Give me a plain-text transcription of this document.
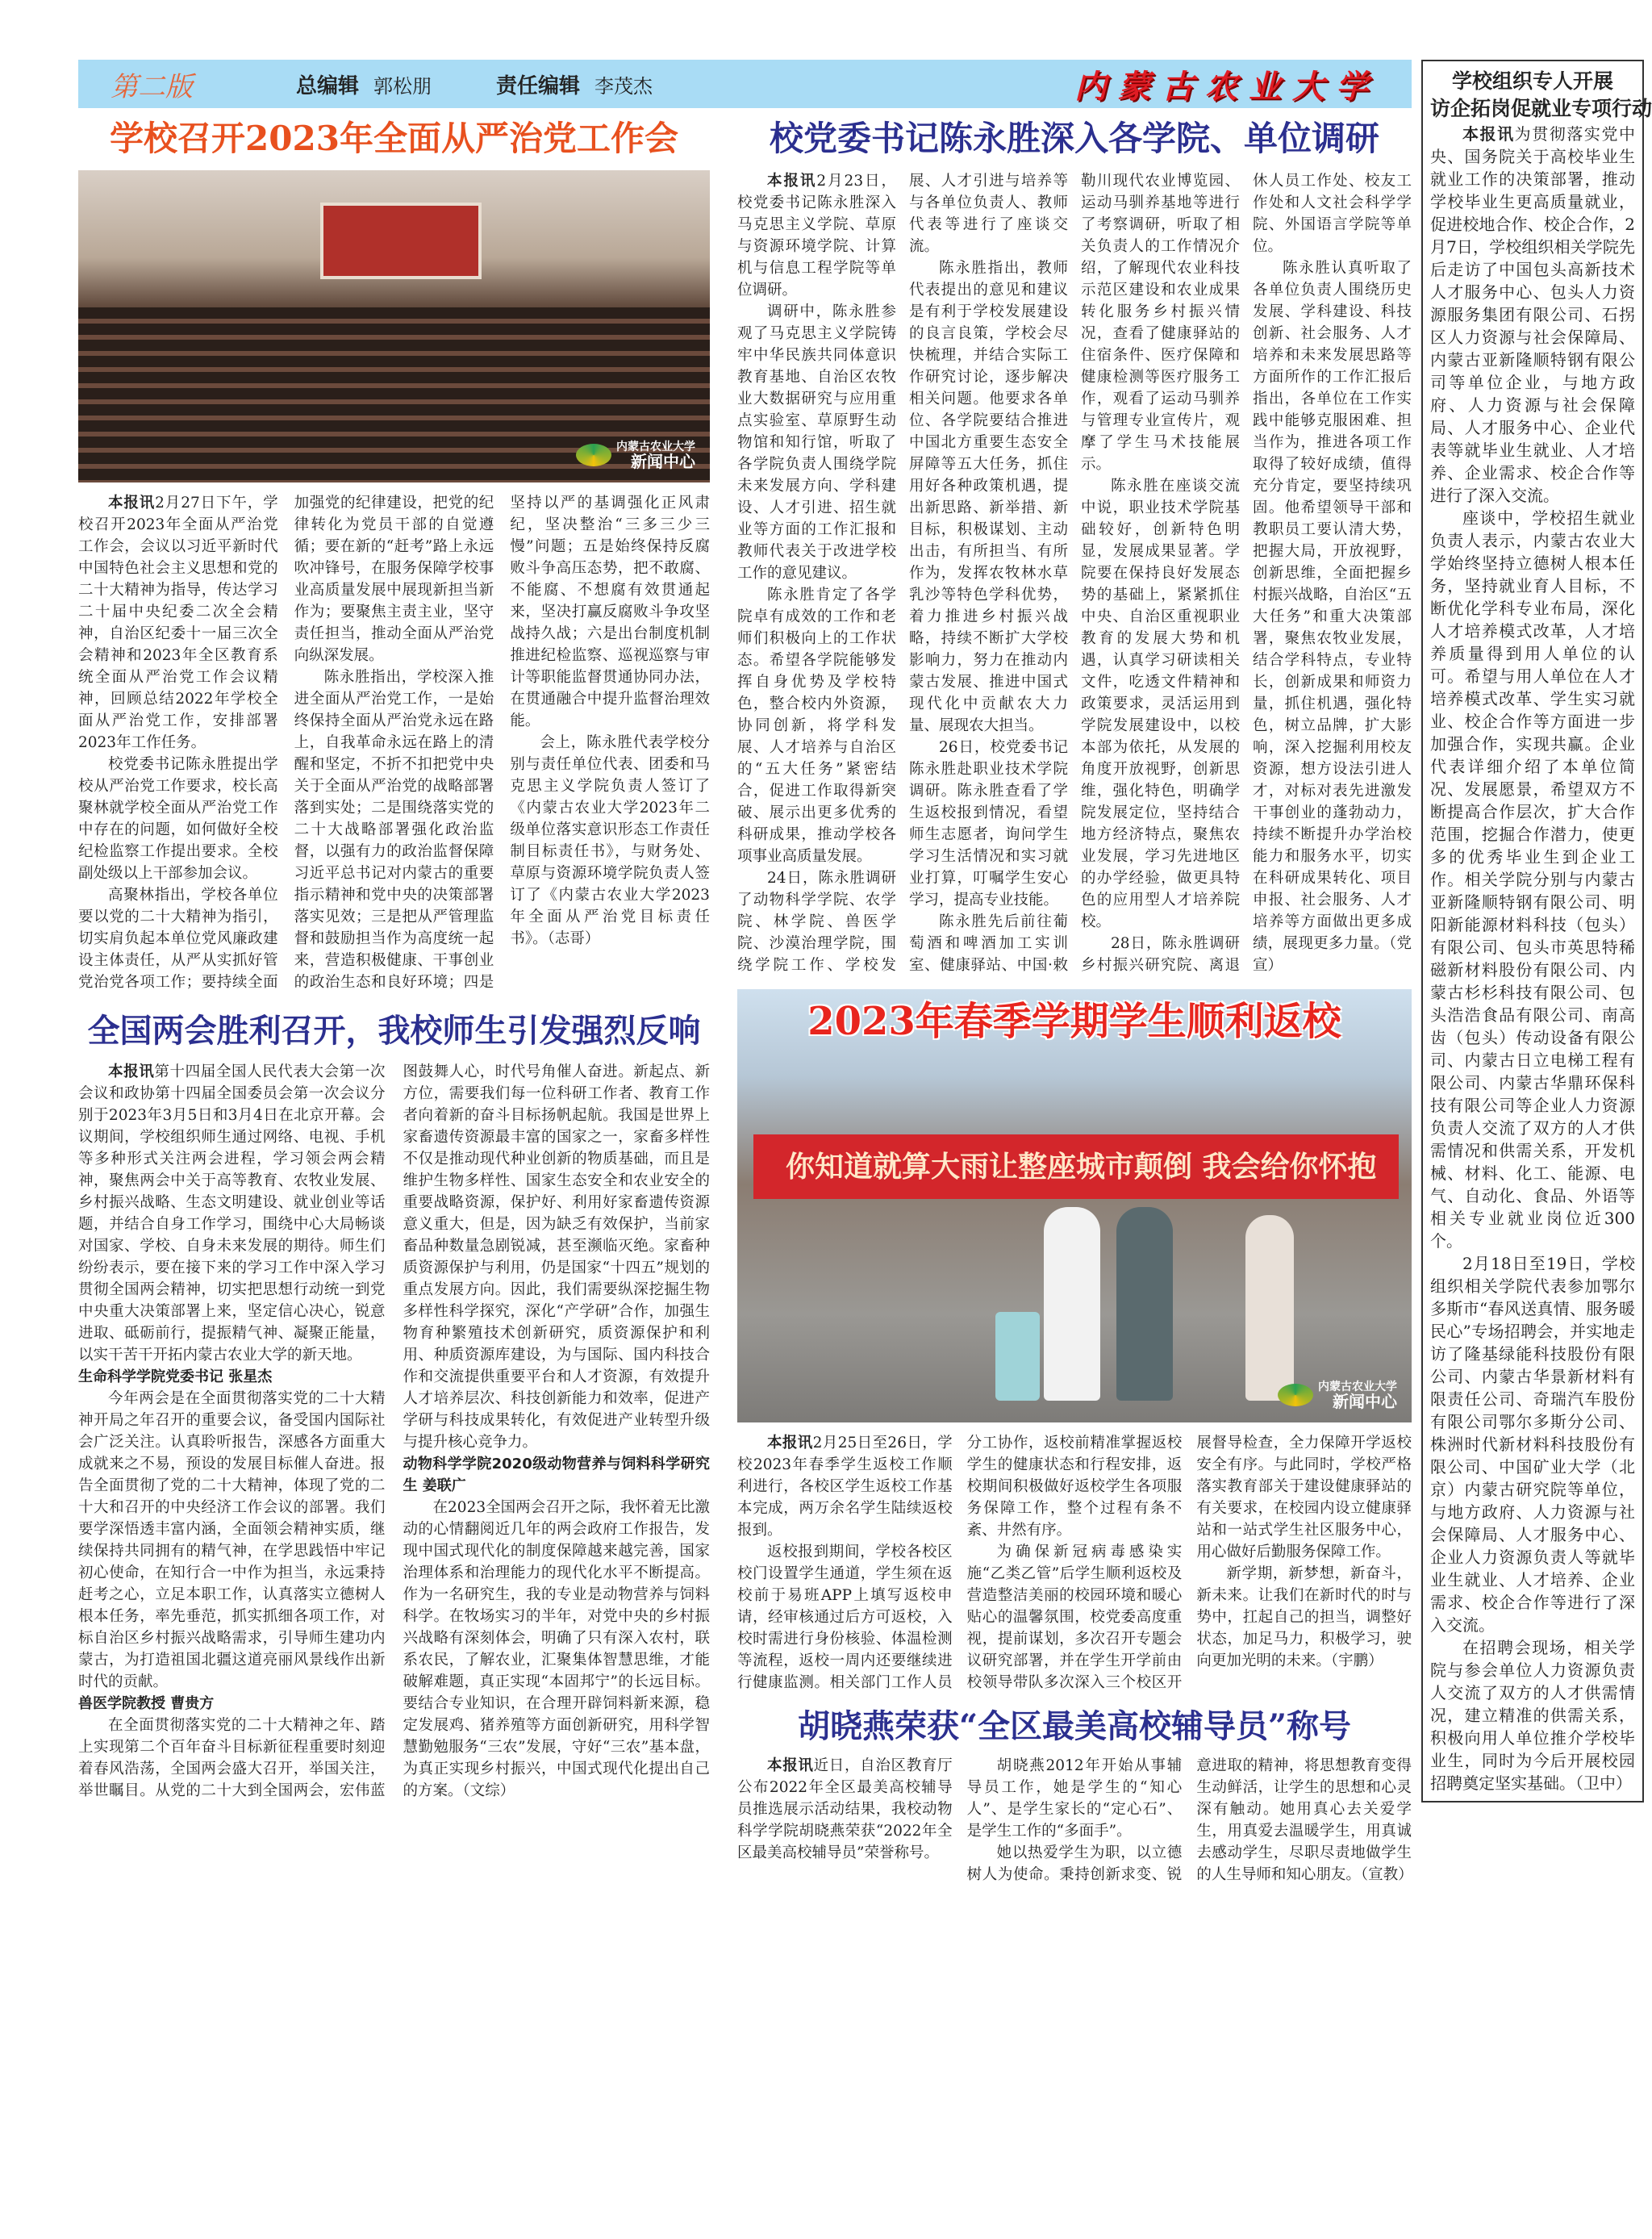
第二版	总编辑 郭松朋	责任编辑 李茂杰	内蒙古农业大学
学校召开2023年全面从严治党工作会
内蒙古农业大学
新闻中心

本报讯2月27日下午，学校召开2023年全面从严治党工作会，会议以习近平新时代中国特色社会主义思想和党的二十大精神为指导，传达学习二十届中央纪委二次全会精神，自治区纪委十一届三次全会精神和2023年全区教育系统全面从严治党工作会议精神，回顾总结2022年学校全面从严治党工作，安排部署2023年工作任务。

校党委书记陈永胜提出学校从严治党工作要求，校长高聚林就学校全面从严治党工作中存在的问题，如何做好全校纪检监察工作提出要求。全校副处级以上干部参加会议。

高聚林指出，学校各单位要以党的二十大精神为指引，切实肩负起本单位党风廉政建设主体责任，从严从实抓好管党治党各项工作；要持续全面加强党的纪律建设，把党的纪律转化为党员干部的自觉遵循；要在新的“赶考”路上永远吹冲锋号，在服务保障学校事业高质量发展中展现新担当新作为；要聚焦主责主业，坚守责任担当，推动全面从严治党向纵深发展。

陈永胜指出，学校深入推进全面从严治党工作，一是始终保持全面从严治党永远在路上，自我革命永远在路上的清醒和坚定，不折不扣把党中央关于全面从严治党的战略部署落到实处；二是围绕落实党的二十大战略部署强化政治监督，以强有力的政治监督保障习近平总书记对内蒙古的重要指示精神和党中央的决策部署落实见效；三是把从严管理监督和鼓励担当作为高度统一起来，营造积极健康、干事创业的政治生态和良好环境；四是坚持以严的基调强化正风肃纪，坚决整治“三多三少三慢”问题；五是始终保持反腐败斗争高压态势，把不敢腐、不能腐、不想腐有效贯通起来，坚决打赢反腐败斗争攻坚战持久战；六是出台制度机制推进纪检监察、巡视巡察与审计等职能监督贯通协同办法，在贯通融合中提升监督治理效能。

会上，陈永胜代表学校分别与责任单位代表、团委和马克思主义学院负责人签订了《内蒙古农业大学2023年二级单位落实意识形态工作责任制目标责任书》，与财务处、草原与资源环境学院负责人签订了《内蒙古农业大学2023年全面从严治党目标责任书》。（志哥）

全国两会胜利召开，我校师生引发强烈反响

本报讯第十四届全国人民代表大会第一次会议和政协第十四届全国委员会第一次会议分别于2023年3月5日和3月4日在北京开幕。会议期间，学校组织师生通过网络、电视、手机等多种形式关注两会进程，学习领会两会精神，聚焦两会中关于高等教育、农牧业发展、乡村振兴战略、生态文明建设、就业创业等话题，并结合自身工作学习，围绕中心大局畅谈对国家、学校、自身未来发展的期待。师生们纷纷表示，要在接下来的学习工作中深入学习贯彻全国两会精神，切实把思想行动统一到党中央重大决策部署上来，坚定信心决心，锐意进取、砥砺前行，提振精气神、凝聚正能量，以实干苦干开拓内蒙古农业大学的新天地。

生命科学学院党委书记 张星杰

今年两会是在全面贯彻落实党的二十大精神开局之年召开的重要会议，备受国内国际社会广泛关注。认真聆听报告，深感各方面重大成就来之不易，预设的发展目标催人奋进。报告全面贯彻了党的二十大精神，体现了党的二十大和召开的中央经济工作会议的部署。我们要学深悟透丰富内涵，全面领会精神实质，继续保持共同拥有的精气神，在学思践悟中牢记初心使命，在知行合一中作为担当，永远秉持赶考之心，立足本职工作，认真落实立德树人根本任务，率先垂范，抓实抓细各项工作，对标自治区乡村振兴战略需求，引导师生建功内蒙古，为打造祖国北疆这道亮丽风景线作出新时代的贡献。

兽医学院教授 曹贵方

在全面贯彻落实党的二十大精神之年、踏上实现第二个百年奋斗目标新征程重要时刻迎着春风浩荡，全国两会盛大召开，举国关注，举世瞩目。从党的二十大到全国两会，宏伟蓝图鼓舞人心，时代号角催人奋进。新起点、新方位，需要我们每一位科研工作者、教育工作者向着新的奋斗目标扬帆起航。我国是世界上家畜遗传资源最丰富的国家之一，家畜多样性不仅是推动现代种业创新的物质基础，而且是维护生物多样性、国家生态安全和农业安全的重要战略资源，保护好、利用好家畜遗传资源意义重大，但是，因为缺乏有效保护，当前家畜品种数量急剧锐减，甚至濒临灭绝。家畜种质资源保护与利用，仍是国家“十四五”规划的重点发展方向。因此，我们需要纵深挖掘生物多样性科学探究，深化“产学研”合作，加强生物育种繁殖技术创新研究，质资源保护和利用、种质资源库建设，为与国际、国内科技合作和交流提供重要平台和人才资源，有效提升人才培养层次、科技创新能力和效率，促进产学研与科技成果转化，有效促进产业转型升级与提升核心竞争力。

动物科学学院2020级动物营养与饲料科学研究生 姜联广

在2023全国两会召开之际，我怀着无比激动的心情翻阅近几年的两会政府工作报告，发现中国式现代化的制度保障越来越完善，国家治理体系和治理能力的现代化水平不断提高。作为一名研究生，我的专业是动物营养与饲料科学。在牧场实习的半年，对党中央的乡村振兴战略有深刻体会，明确了只有深入农村，联系农民，了解农业，汇聚集体智慧思维，才能破解难题，真正实现“本固邦宁”的长远目标。要结合专业知识，在合理开辟饲料新来源，稳定发展鸡、猪养殖等方面创新研究，用科学智慧勤勉服务“三农”发展，守好“三农”基本盘，为真正实现乡村振兴，中国式现代化提出自己的方案。（文综）

校党委书记陈永胜深入各学院、单位调研

本报讯2月23日，校党委书记陈永胜深入马克思主义学院、草原与资源环境学院、计算机与信息工程学院等单位调研。

调研中，陈永胜参观了马克思主义学院铸牢中华民族共同体意识教育基地、自治区农牧业大数据研究与应用重点实验室、草原野生动物馆和知行馆，听取了各学院负责人围绕学院未来发展方向、学科建设、人才引进、招生就业等方面的工作汇报和教师代表关于改进学校工作的意见建议。

陈永胜肯定了各学院卓有成效的工作和老师们积极向上的工作状态。希望各学院能够发挥自身优势及学校特色，整合校内外资源，协同创新，将学科发展、人才培养与自治区的“五大任务”紧密结合，促进工作取得新突破、展示出更多优秀的科研成果，推动学校各项事业高质量发展。

24日，陈永胜调研了动物科学学院、农学院、林学院、兽医学院、沙漠治理学院，围绕学院工作、学校发展、人才引进与培养等与各单位负责人、教师代表等进行了座谈交流。

陈永胜指出，教师代表提出的意见和建议是有利于学校发展建设的良言良策，学校会尽快梳理，并结合实际工作研究讨论，逐步解决相关问题。他要求各单位、各学院要结合推进中国北方重要生态安全屏障等五大任务，抓住用好各种政策机遇，提出新思路、新举措、新目标，积极谋划、主动出击，有所担当、有所作为，发挥农牧林水草乳沙等特色学科优势，着力推进乡村振兴战略，持续不断扩大学校影响力，努力在推动内蒙古发展、推进中国式现代化中贡献农大力量、展现农大担当。

26日，校党委书记陈永胜赴职业技术学院调研。陈永胜查看了学生返校报到情况，看望师生志愿者，询问学生学习生活情况和实习就业打算，叮嘱学生安心学习，提高专业技能。

陈永胜先后前往葡萄酒和啤酒加工实训室、健康驿站、中国·敕勒川现代农业博览园、运动马驯养基地等进行了考察调研，听取了相关负责人的工作情况介绍，了解现代农业科技示范区建设和农业成果转化服务乡村振兴情况，查看了健康驿站的住宿条件、医疗保障和健康检测等医疗服务工作，观看了运动马驯养与管理专业宣传片，观摩了学生马术技能展示。

陈永胜在座谈交流中说，职业技术学院基础较好，创新特色明显，发展成果显著。学院要在保持良好发展态势的基础上，紧紧抓住中央、自治区重视职业教育的发展大势和机遇，认真学习研读相关文件，吃透文件精神和政策要求，灵活运用到学院发展建设中，以校本部为依托，从发展的角度开放视野，创新思维，强化特色，明确学院发展定位，坚持结合地方经济特点，聚焦农业发展，学习先进地区的办学经验，做更具特色的应用型人才培养院校。

28日，陈永胜调研乡村振兴研究院、离退休人员工作处、校友工作处和人文社会科学学院、外国语言学院等单位。

陈永胜认真听取了各单位负责人围绕历史发展、学科建设、科技创新、社会服务、人才培养和未来发展思路等方面所作的工作汇报后指出，各单位在工作实践中能够克服困难、担当作为，推进各项工作取得了较好成绩，值得充分肯定，要坚持续巩固。他希望领导干部和教职员工要认清大势，把握大局，开放视野，创新思维，全面把握乡村振兴战略，自治区“五大任务”和重大决策部署，聚焦农牧业发展，结合学科特点，专业特长，创新成果和师资力量，抓住机遇，强化特色，树立品牌，扩大影响，深入挖掘利用校友资源，想方设法引进人才，对标对表先进激发干事创业的蓬勃动力，持续不断提升办学治校能力和服务水平，切实在科研成果转化、项目申报、社会服务、人才培养等方面做出更多成绩，展现更多力量。（党宣）

你知道就算大雨让整座城市颠倒 我会给你怀抱
2023年春季学期学生顺利返校
内蒙古农业大学
新闻中心

本报讯2月25日至26日，学校2023年春季学生返校工作顺利进行，各校区学生返校工作基本完成，两万余名学生陆续返校报到。

返校报到期间，学校各校区校门设置学生通道，学生须在返校前于易班APP上填写返校申请，经审核通过后方可返校，入校时需进行身份核验、体温检测等流程，返校一周内还要继续进行健康监测。相关部门工作人员分工协作，返校前精准掌握返校学生的健康状态和行程安排，返校期间积极做好返校学生各项服务保障工作，整个过程有条不紊、井然有序。

为确保新冠病毒感染实施“乙类乙管”后学生顺利返校及营造整洁美丽的校园环境和暖心贴心的温馨氛围，校党委高度重视，提前谋划，多次召开专题会议研究部署，并在学生开学前由校领导带队多次深入三个校区开展督导检查，全力保障开学返校安全有序。与此同时，学校严格落实教育部关于建设健康驿站的有关要求，在校园内设立健康驿站和一站式学生社区服务中心，用心做好后勤服务保障工作。

新学期，新梦想，新奋斗，新未来。让我们在新时代的时与势中，扛起自己的担当，调整好状态，加足马力，积极学习，驶向更加光明的未来。（宇鹏）

胡晓燕荣获“全区最美高校辅导员”称号

本报讯近日，自治区教育厅公布2022年全区最美高校辅导员推选展示活动结果，我校动物科学学院胡晓燕荣获“2022年全区最美高校辅导员”荣誉称号。

胡晓燕2012年开始从事辅导员工作，她是学生的“知心人”、是学生家长的“定心石”、是学生工作的“多面手”。

她以热爱学生为职，以立德树人为使命。秉持创新求变、锐意进取的精神，将思想教育变得生动鲜活，让学生的思想和心灵深有触动。她用真心去关爱学生，用真爱去温暖学生，用真诚去感动学生，尽职尽责地做学生的人生导师和知心朋友。（宣教）

学校组织专人开展
访企拓岗促就业专项行动

本报讯为贯彻落实党中央、国务院关于高校毕业生就业工作的决策部署，推动学校毕业生更高质量就业，促进校地合作、校企合作，2月7日，学校组织相关学院先后走访了中国包头高新技术人才服务中心、包头人力资源服务集团有限公司、石拐区人力资源与社会保障局、内蒙古亚新隆顺特钢有限公司等单位企业，与地方政府、人力资源与社会保障局、人才服务中心、企业代表等就毕业生就业、人才培养、企业需求、校企合作等进行了深入交流。

座谈中，学校招生就业负责人表示，内蒙古农业大学始终坚持立德树人根本任务，坚持就业育人目标，不断优化学科专业布局，深化人才培养模式改革，人才培养质量得到用人单位的认可。希望与用人单位在人才培养模式改革、学生实习就业、校企合作等方面进一步加强合作，实现共赢。企业代表详细介绍了本单位简况、发展愿景，希望双方不断提高合作层次，扩大合作范围，挖掘合作潜力，使更多的优秀毕业生到企业工作。相关学院分别与内蒙古亚新隆顺特钢有限公司、明阳新能源材料科技（包头）有限公司、包头市英思特稀磁新材料股份有限公司、内蒙古杉杉科技有限公司、包头浩浩食品有限公司、南高齿（包头）传动设备有限公司、内蒙古日立电梯工程有限公司、内蒙古华鼎环保科技有限公司等企业人力资源负责人交流了双方的人才供需情况和供需关系，开发机械、材料、化工、能源、电气、自动化、食品、外语等相关专业就业岗位近300个。

2月18日至19日，学校组织相关学院代表参加鄂尔多斯市“春风送真情、服务暖民心”专场招聘会，并实地走访了隆基绿能科技股份有限公司、内蒙古华景新材料有限责任公司、奇瑞汽车股份有限公司鄂尔多斯分公司、株洲时代新材料科技股份有限公司、中国矿业大学（北京）内蒙古研究院等单位，与地方政府、人力资源与社会保障局、人才服务中心、企业人力资源负责人等就毕业生就业、人才培养、企业需求、校企合作等进行了深入交流。

在招聘会现场，相关学院与参会单位人力资源负责人交流了双方的人才供需情况，建立精准的供需关系，积极向用人单位推介学校毕业生，同时为今后开展校园招聘奠定坚实基础。（卫中）
